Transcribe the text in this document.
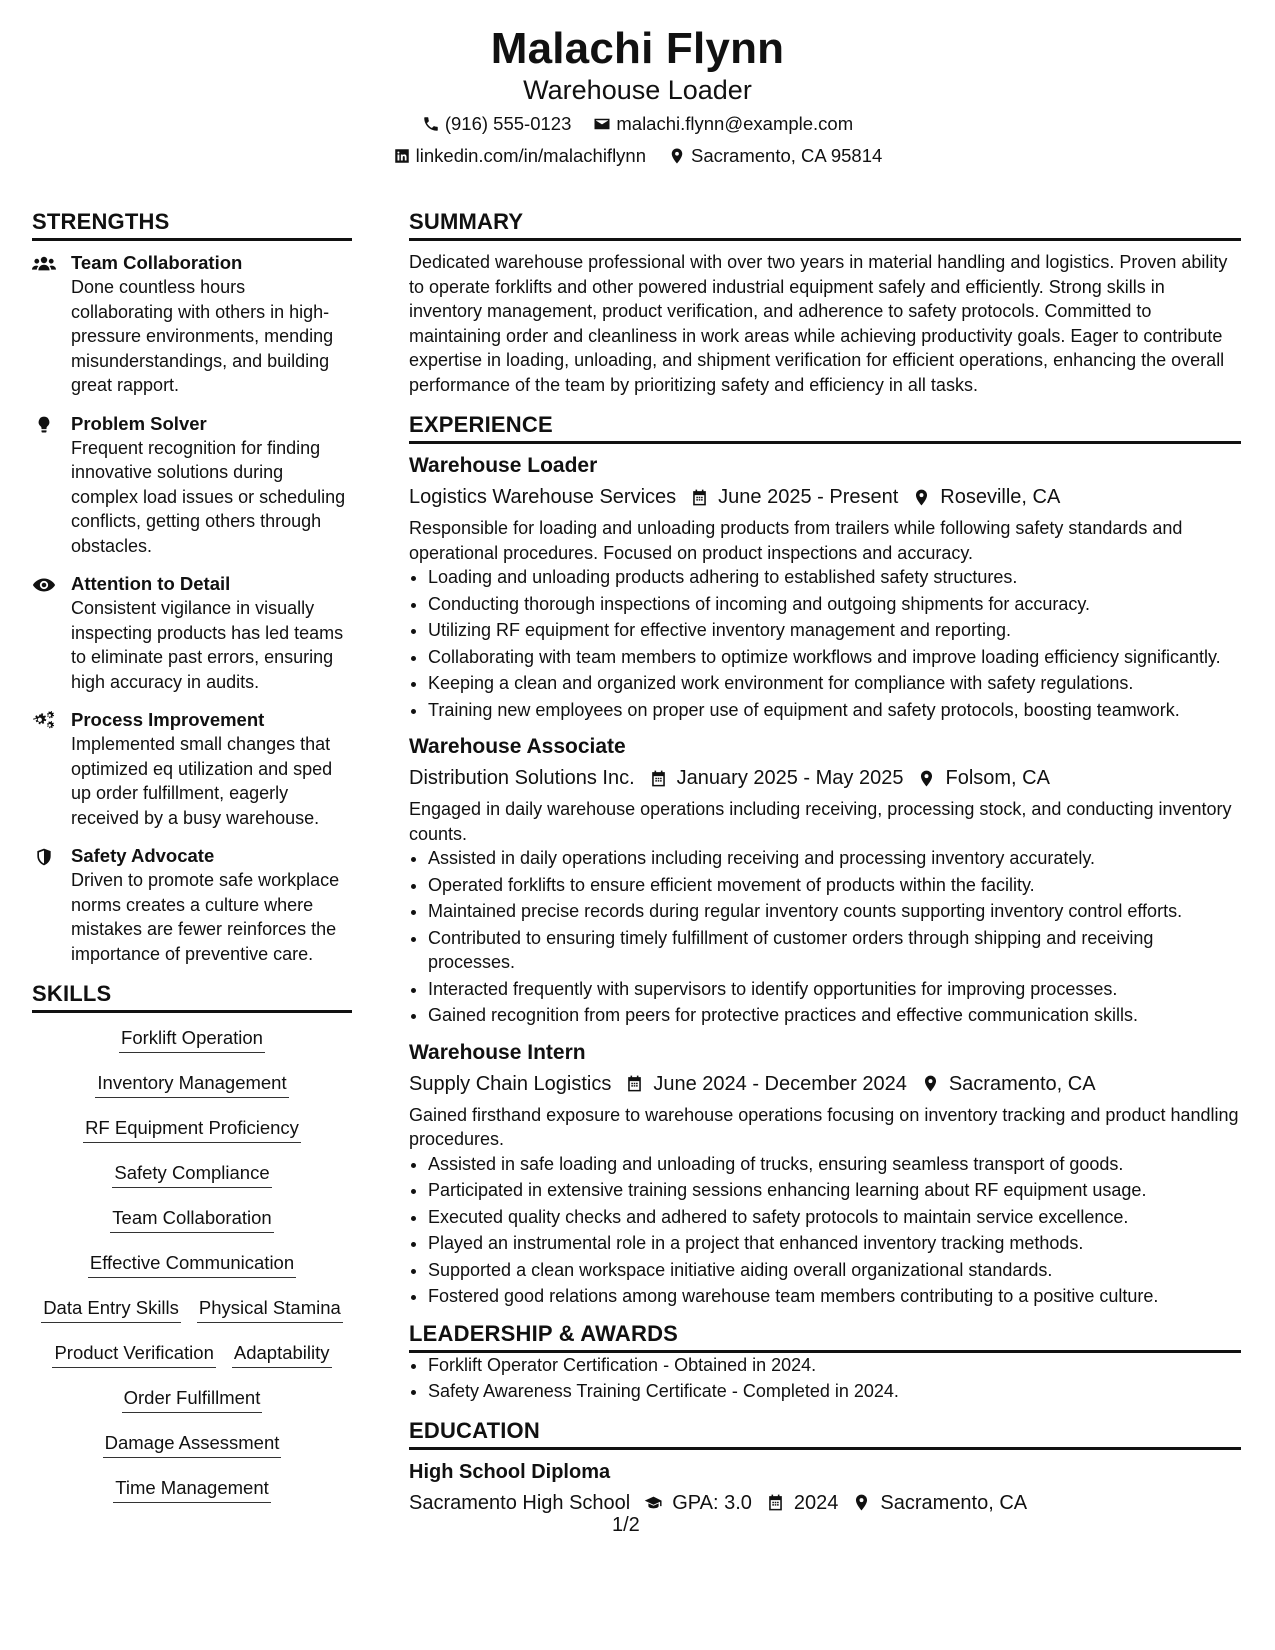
Malachi Flynn
Warehouse Loader
(916) 555-0123 malachi.flynn@example.com
linkedin.com/in/malachiflynn Sacramento, CA 95814
STRENGTHS
Team Collaboration
Done countless hours collaborating with others in high-pressure environments, mending misunderstandings, and building great rapport.
Problem Solver
Frequent recognition for finding innovative solutions during complex load issues or scheduling conflicts, getting others through obstacles.
Attention to Detail
Consistent vigilance in visually inspecting products has led teams to eliminate past errors, ensuring high accuracy in audits.
Process Improvement
Implemented small changes that optimized eq utilization and sped up order fulfillment, eagerly received by a busy warehouse.
Safety Advocate
Driven to promote safe workplace norms creates a culture where mistakes are fewer reinforces the importance of preventive care.
SKILLS
Forklift Operation
Inventory Management
RF Equipment Proficiency
Safety Compliance
Team Collaboration
Effective Communication
Data Entry Skills Physical Stamina
Product Verification Adaptability
Order Fulfillment
Damage Assessment
Time Management
SUMMARY
Dedicated warehouse professional with over two years in material handling and logistics. Proven ability to operate forklifts and other powered industrial equipment safely and efficiently. Strong skills in inventory management, product verification, and adherence to safety protocols. Committed to maintaining order and cleanliness in work areas while achieving productivity goals. Eager to contribute expertise in loading, unloading, and shipment verification for efficient operations, enhancing the overall performance of the team by prioritizing safety and efficiency in all tasks.
EXPERIENCE
Warehouse Loader
Logistics Warehouse Services June 2025 - Present Roseville, CA
Responsible for loading and unloading products from trailers while following safety standards and operational procedures. Focused on product inspections and accuracy.
• Loading and unloading products adhering to established safety structures.
• Conducting thorough inspections of incoming and outgoing shipments for accuracy.
• Utilizing RF equipment for effective inventory management and reporting.
• Collaborating with team members to optimize workflows and improve loading efficiency significantly.
• Keeping a clean and organized work environment for compliance with safety regulations.
• Training new employees on proper use of equipment and safety protocols, boosting teamwork.
Warehouse Associate
Distribution Solutions Inc. January 2025 - May 2025 Folsom, CA
Engaged in daily warehouse operations including receiving, processing stock, and conducting inventory counts.
• Assisted in daily operations including receiving and processing inventory accurately.
• Operated forklifts to ensure efficient movement of products within the facility.
• Maintained precise records during regular inventory counts supporting inventory control efforts.
• Contributed to ensuring timely fulfillment of customer orders through shipping and receiving processes.
• Interacted frequently with supervisors to identify opportunities for improving processes.
• Gained recognition from peers for protective practices and effective communication skills.
Warehouse Intern
Supply Chain Logistics June 2024 - December 2024 Sacramento, CA
Gained firsthand exposure to warehouse operations focusing on inventory tracking and product handling procedures.
• Assisted in safe loading and unloading of trucks, ensuring seamless transport of goods.
• Participated in extensive training sessions enhancing learning about RF equipment usage.
• Executed quality checks and adhered to safety protocols to maintain service excellence.
• Played an instrumental role in a project that enhanced inventory tracking methods.
• Supported a clean workspace initiative aiding overall organizational standards.
• Fostered good relations among warehouse team members contributing to a positive culture.
LEADERSHIP & AWARDS
• Forklift Operator Certification - Obtained in 2024.
• Safety Awareness Training Certificate - Completed in 2024.
EDUCATION
High School Diploma
Sacramento High School GPA: 3.0 2024 Sacramento, CA
1/2
